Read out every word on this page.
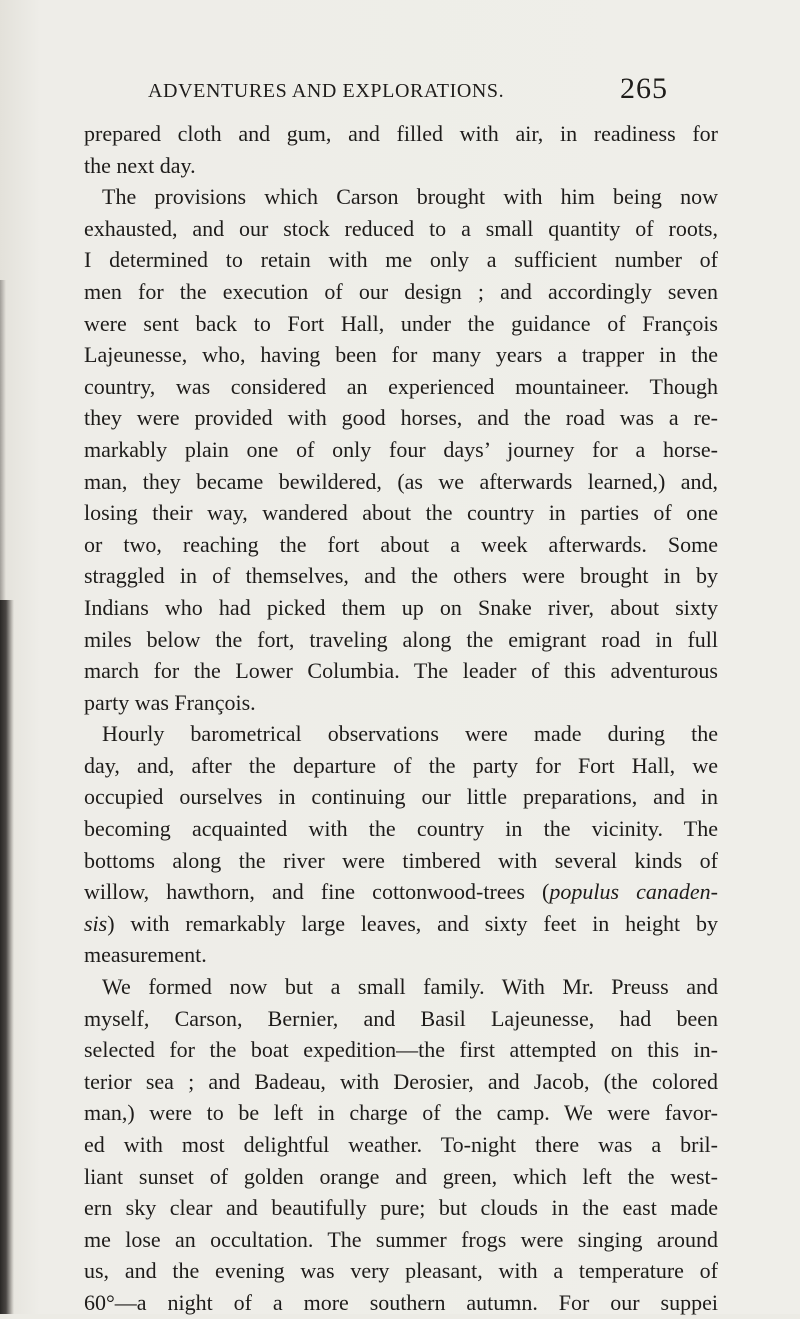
ADVENTURES AND EXPLORATIONS.	265
prepared cloth and gum, and filled with air, in readiness for
the next day.
The provisions which Carson brought with him being now
exhausted, and our stock reduced to a small quantity of roots,
I determined to retain with me only a sufficient number of
men for the execution of our design ; and accordingly seven
were sent back to Fort Hall, under the guidance of François
Lajeunesse, who, having been for many years a trapper in the
country, was considered an experienced mountaineer. Though
they were provided with good horses, and the road was a re-
markably plain one of only four days’ journey for a horse-
man, they became bewildered, (as we afterwards learned,) and,
losing their way, wandered about the country in parties of one
or two, reaching the fort about a week afterwards. Some
straggled in of themselves, and the others were brought in by
Indians who had picked them up on Snake river, about sixty
miles below the fort, traveling along the emigrant road in full
march for the Lower Columbia. The leader of this adventurous
party was François.
Hourly barometrical observations were made during the
day, and, after the departure of the party for Fort Hall, we
occupied ourselves in continuing our little preparations, and in
becoming acquainted with the country in the vicinity. The
bottoms along the river were timbered with several kinds of
willow, hawthorn, and fine cottonwood-trees (populus canaden-
sis) with remarkably large leaves, and sixty feet in height by
measurement.
We formed now but a small family. With Mr. Preuss and
myself, Carson, Bernier, and Basil Lajeunesse, had been
selected for the boat expedition—the first attempted on this in-
terior sea ; and Badeau, with Derosier, and Jacob, (the colored
man,) were to be left in charge of the camp. We were favor-
ed with most delightful weather. To-night there was a bril-
liant sunset of golden orange and green, which left the west-
ern sky clear and beautifully pure; but clouds in the east made
me lose an occultation. The summer frogs were singing around
us, and the evening was very pleasant, with a temperature of
60°—a night of a more southern autumn. For our suppei
